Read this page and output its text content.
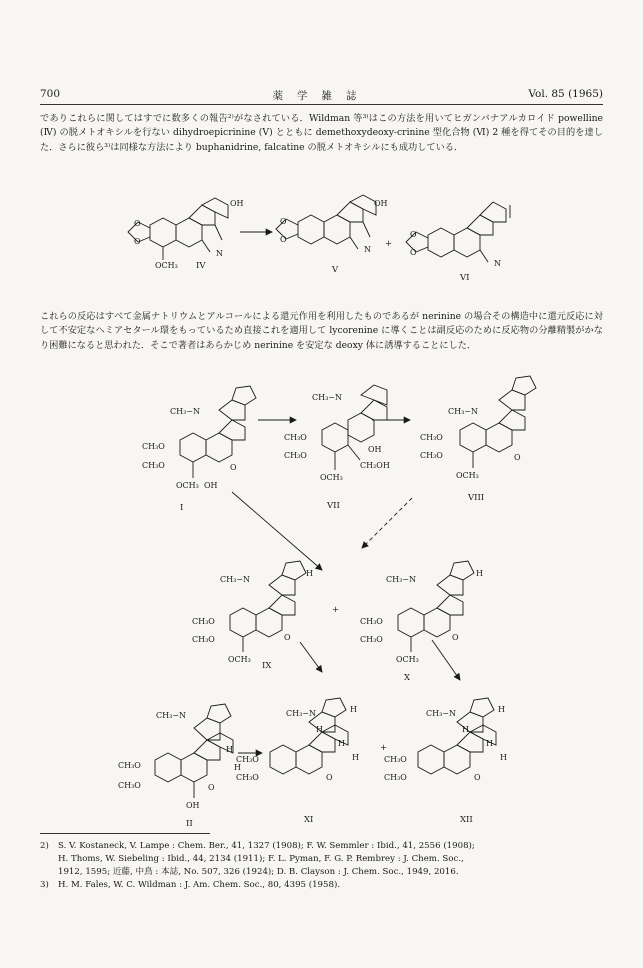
700	薬学雑誌	Vol. 85 (1965)
でありこれらに関してはすでに数多くの報告²⁾がなされている．Wildman 等³⁾はこの方法を用いてヒガンバナアルカロイド powelline (Ⅳ) の脱メトオキシルを行ない dihydroepicrinine (Ⅴ) とともに demethoxydeoxy-crinine 型化合物 (Ⅵ) 2 種を得てその目的を達した．さらに彼ら³⁾は同様な方法により buphanidrine, falcatine の脱メトオキシルにも成功している．
これらの反応はすべて金属ナトリウムとアルコールによる還元作用を利用したものであるが nerinine の場合その構造中に還元反応に対して不安定なヘミアセタール環をもっているため直接これを適用して lycorenine に導くことは副反応のために反応物の分離精製がかなり困難になると思われた．そこで著者はあらかじめ nerinine を安定な deoxy 体に誘導することにした．
OH
OCH₃
N
O
O
IV
OH
N
O
O
V
+
N
O
O
VI
CH₃−N
CH₃O
CH₃O
OCH₃ OH
O
I
CH₃−N
CH₃O
CH₃O
OCH₃
OH
CH₂OH
VII
CH₃−N
CH₃O
CH₃O
OCH₃
O
VIII
CH₃−N
H
CH₃O
CH₃O
OCH₃
O
IX
+
CH₃−N
H
CH₃O
CH₃O
OCH₃
O
X
CH₃−N
CH₃O
CH₃O
OH
H
H
O
II
CH₃−N	H
H
H
H
CH₃O
CH₃O	O
XI
+
CH₃−N	H
H
H
H
CH₃O
CH₃O	O
XII
2) S. V. Kostaneck, V. Lampe : Chem. Ber., 41, 1327 (1908); F. W. Semmler : Ibid., 41, 2556 (1908);
H. Thoms, W. Siebeling : Ibid., 44, 2134 (1911); F. L. Pyman, F. G. P. Rembrey : J. Chem. Soc.,
1912, 1595; 近藤, 中鳥 : 本誌, No. 507, 326 (1924); D. B. Clayson : J. Chem. Soc., 1949, 2016.
3) H. M. Fales, W. C. Wildman : J. Am. Chem. Soc., 80, 4395 (1958).
